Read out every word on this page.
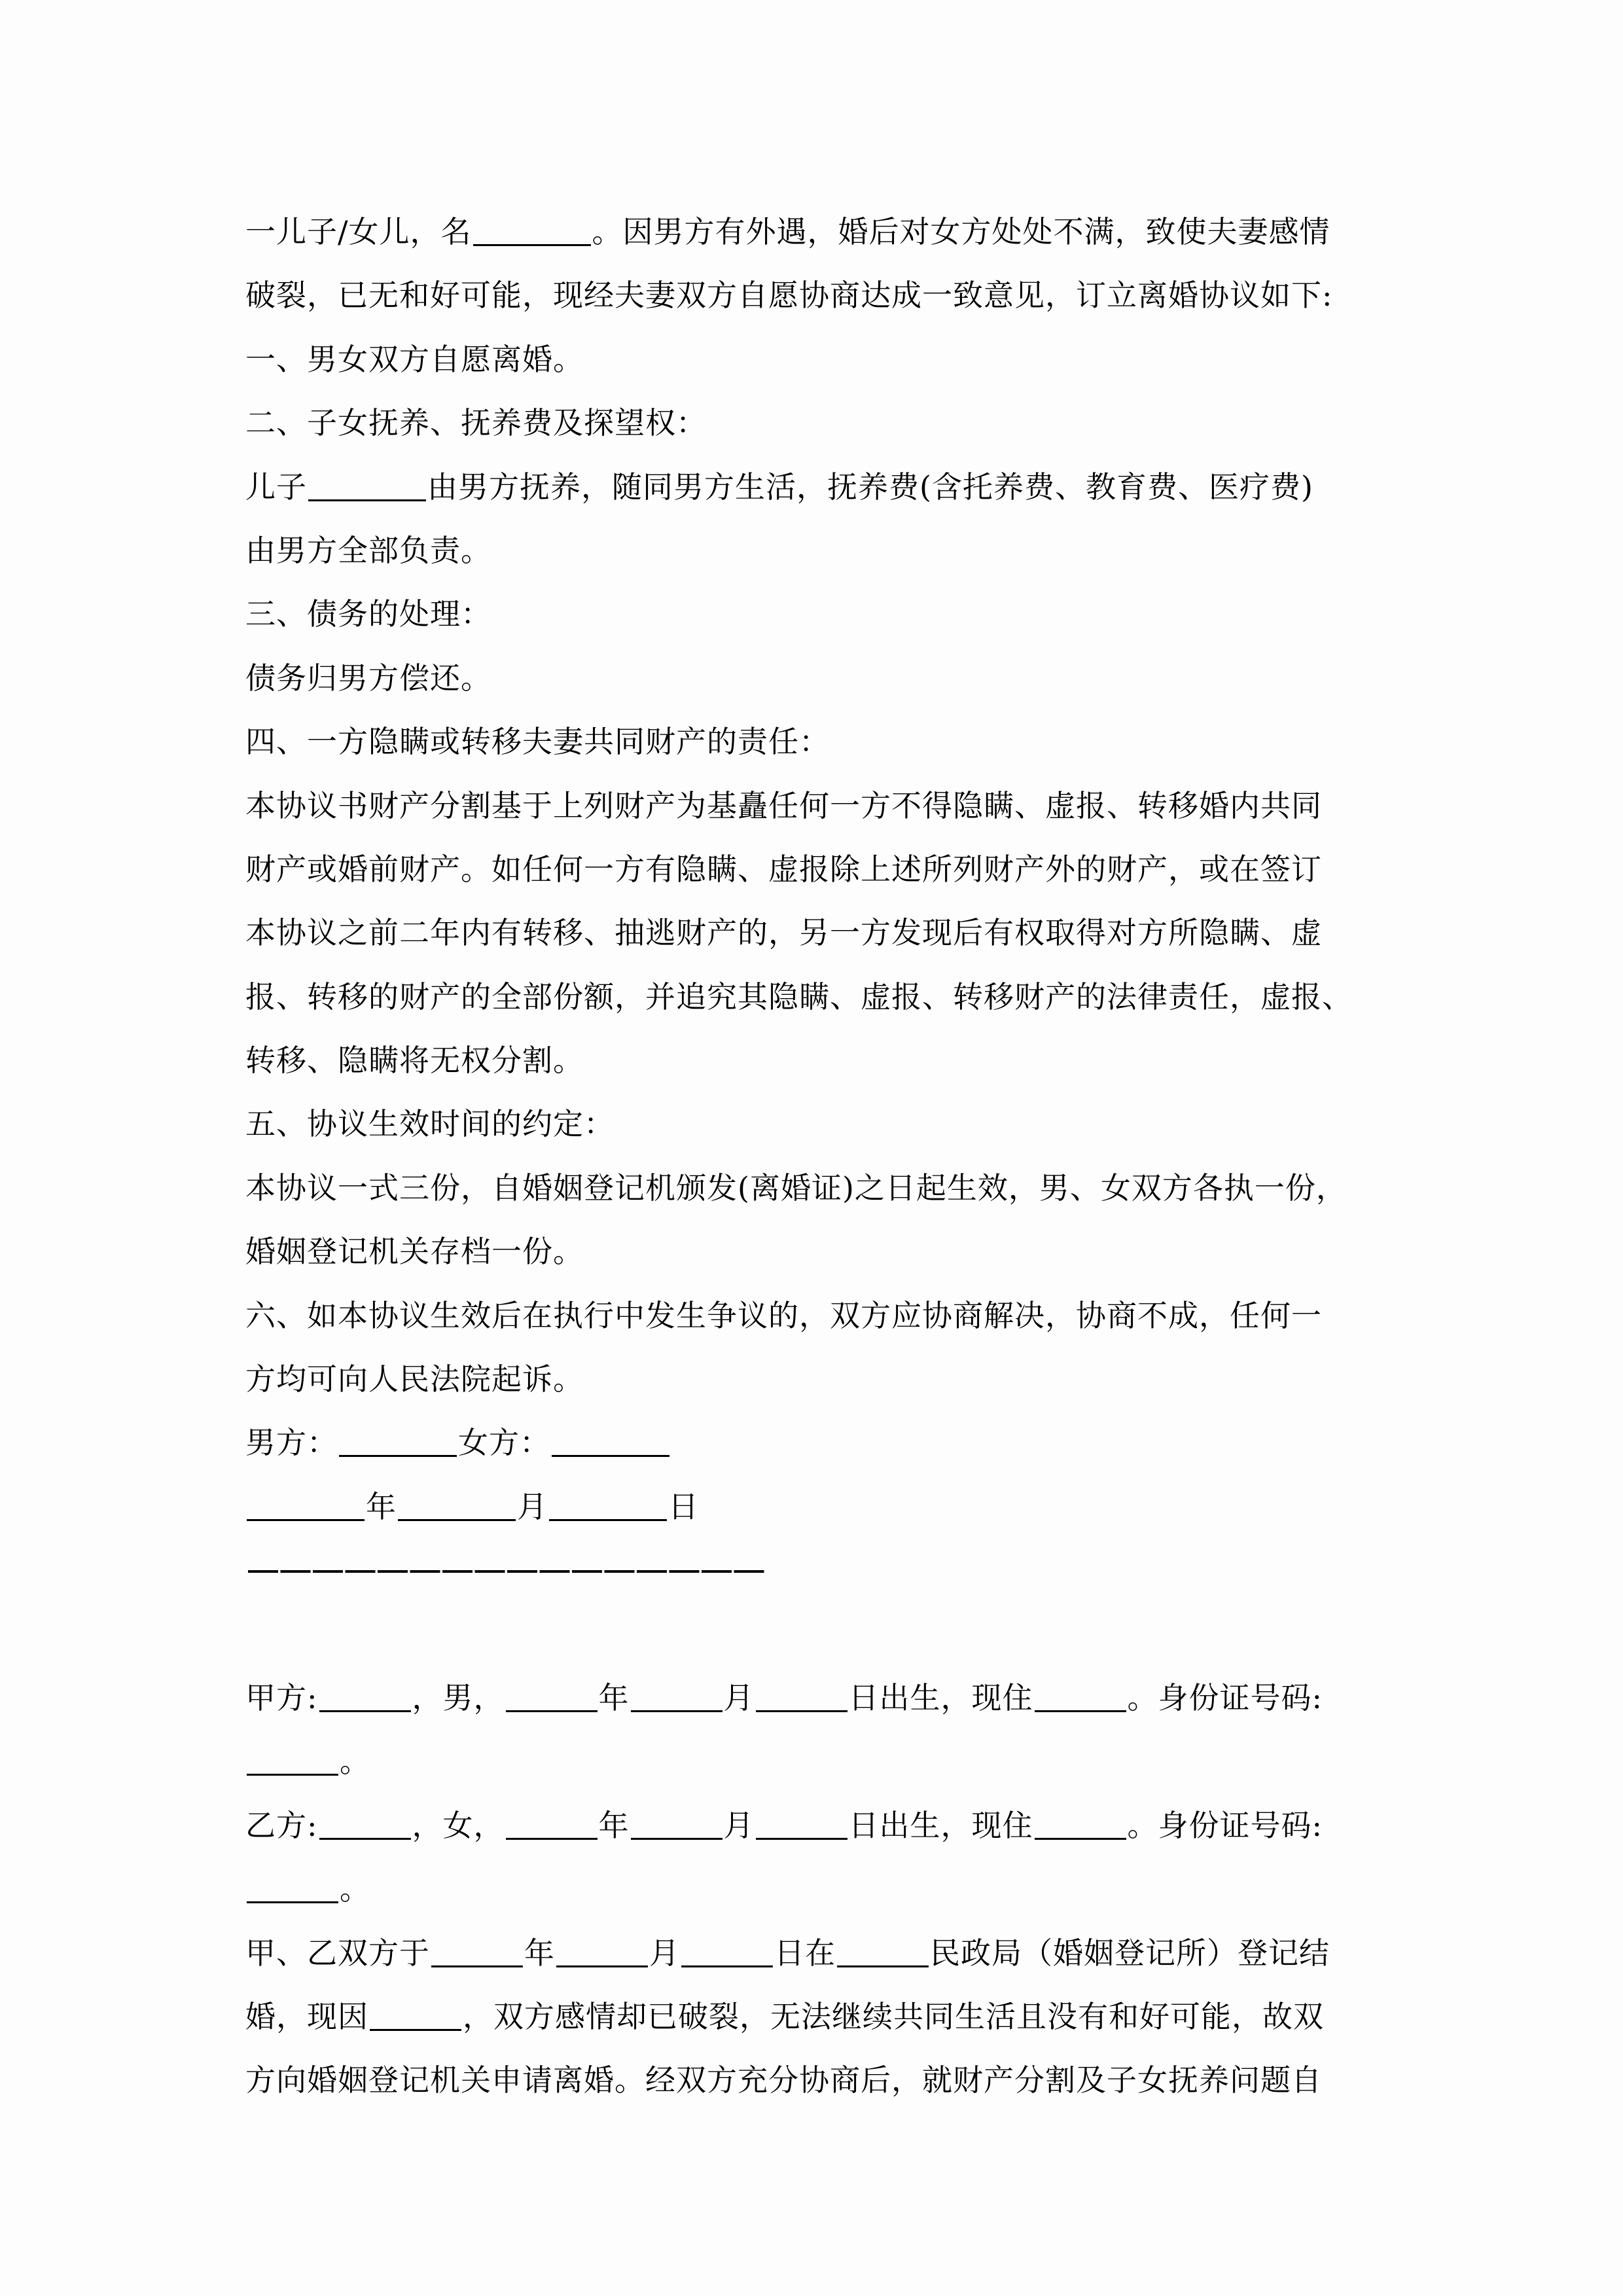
一儿子/女儿，名	。因男方有外遇，婚后对女方处处不满，致使夫妻感情
破裂，已无和好可能，现经夫妻双方自愿协商达成一致意见，订立离婚协议如下:
一、男女双方自愿离婚。
二、子女抚养、抚养费及探望权：
儿子	由男方抚养，随同男方生活，抚养费(含托养费、教育费、医疗费)
由男方全部负责。
三、债务的处理：
债务归男方偿还。
四、一方隐瞒或转移夫妻共同财产的责任：
本协议书财产分割基于上列财产为基矗任何一方不得隐瞒、虚报、转移婚内共同
财产或婚前财产。如任何一方有隐瞒、虚报除上述所列财产外的财产，或在签订
本协议之前二年内有转移、抽逃财产的，另一方发现后有权取得对方所隐瞒、虚
报、转移的财产的全部份额，并追究其隐瞒、虚报、转移财产的法律责任，虚报、
转移、隐瞒将无权分割。
五、协议生效时间的约定：
本协议一式三份，自婚姻登记机颁发(离婚证)之日起生效，男、女双方各执一份，
婚姻登记机关存档一份。
六、如本协议生效后在执行中发生争议的，双方应协商解决，协商不成，任何一
方均可向人民法院起诉。
男方：	女方：
年	月	日
甲方:	，男，	年	月	日出生，现住	。身份证号码:
。
乙方:	，女，	年	月	日出生，现住	。身份证号码:
。
甲、乙双方于	年	月	日在	民政局（婚姻登记所）登记结
婚，现因	，双方感情却已破裂，无法继续共同生活且没有和好可能，故双
方向婚姻登记机关申请离婚。经双方充分协商后，就财产分割及子女抚养问题自
